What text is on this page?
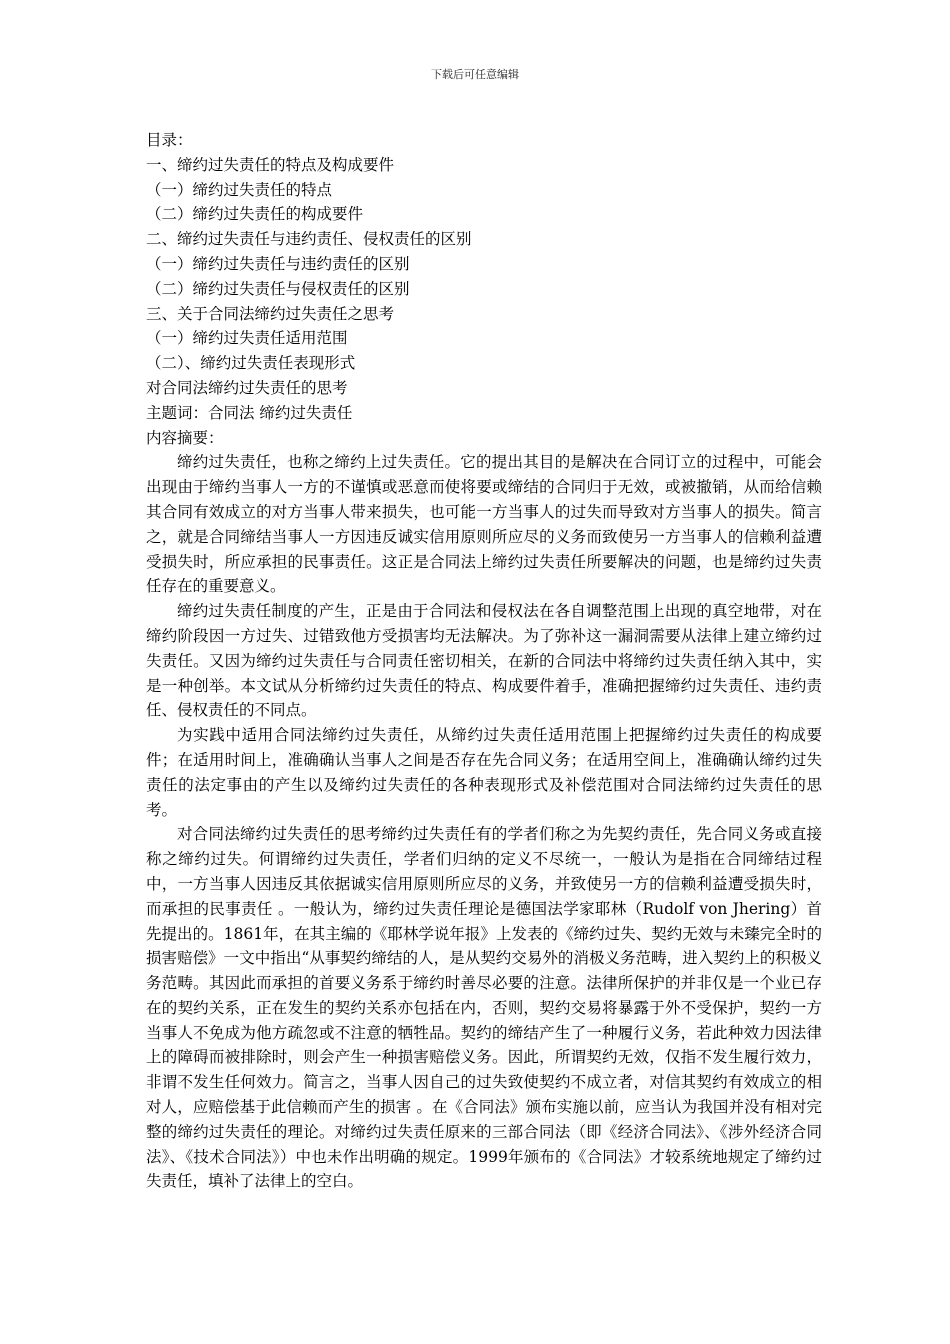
下载后可任意编辑
目录：
一、缔约过失责任的特点及构成要件
（一）缔约过失责任的特点
（二）缔约过失责任的构成要件
二、缔约过失责任与违约责任、侵权责任的区别
（一）缔约过失责任与违约责任的区别
（二）缔约过失责任与侵权责任的区别
三、关于合同法缔约过失责任之思考
（一）缔约过失责任适用范围
（二）、缔约过失责任表现形式
对合同法缔约过失责任的思考
主题词：合同法 缔约过失责任
内容摘要：

缔约过失责任，也称之缔约上过失责任。它的提出其目的是解决在合同订立的过程中，可能会出现由于缔约当事人一方的不谨慎或恶意而使将要或缔结的合同归于无效，或被撤销，从而给信赖其合同有效成立的对方当事人带来损失，也可能一方当事人的过失而导致对方当事人的损失。简言之，就是合同缔结当事人一方因违反诚实信用原则所应尽的义务而致使另一方当事人的信赖利益遭受损失时，所应承担的民事责任。这正是合同法上缔约过失责任所要解决的问题，也是缔约过失责任存在的重要意义。

缔约过失责任制度的产生，正是由于合同法和侵权法在各自调整范围上出现的真空地带，对在缔约阶段因一方过失、过错致他方受损害均无法解决。为了弥补这一漏洞需要从法律上建立缔约过失责任。又因为缔约过失责任与合同责任密切相关，在新的合同法中将缔约过失责任纳入其中，实是一种创举。本文试从分析缔约过失责任的特点、构成要件着手，准确把握缔约过失责任、违约责任、侵权责任的不同点。

为实践中适用合同法缔约过失责任，从缔约过失责任适用范围上把握缔约过失责任的构成要件；在适用时间上，准确确认当事人之间是否存在先合同义务；在适用空间上，准确确认缔约过失责任的法定事由的产生以及缔约过失责任的各种表现形式及补偿范围对合同法缔约过失责任的思考。

对合同法缔约过失责任的思考缔约过失责任有的学者们称之为先契约责任，先合同义务或直接称之缔约过失。何谓缔约过失责任，学者们归纳的定义不尽统一，一般认为是指在合同缔结过程中，一方当事人因违反其依据诚实信用原则所应尽的义务，并致使另一方的信赖利益遭受损失时，而承担的民事责任 。一般认为，缔约过失责任理论是德国法学家耶林（Rudolf von Jhering）首先提出的。1861年，在其主编的《耶林学说年报》上发表的《缔约过失、契约无效与未臻完全时的损害赔偿》一文中指出“从事契约缔结的人，是从契约交易外的消极义务范畴，进入契约上的积极义务范畴。其因此而承担的首要义务系于缔约时善尽必要的注意。法律所保护的并非仅是一个业已存在的契约关系，正在发生的契约关系亦包括在内，否则，契约交易将暴露于外不受保护，契约一方当事人不免成为他方疏忽或不注意的牺牲品。契约的缔结产生了一种履行义务，若此种效力因法律上的障碍而被排除时，则会产生一种损害赔偿义务。因此，所谓契约无效，仅指不发生履行效力，非谓不发生任何效力。简言之，当事人因自己的过失致使契约不成立者，对信其契约有效成立的相对人，应赔偿基于此信赖而产生的损害 。在《合同法》颁布实施以前，应当认为我国并没有相对完整的缔约过失责任的理论。对缔约过失责任原来的三部合同法（即《经济合同法》、《涉外经济合同法》、《技术合同法》）中也未作出明确的规定。1999年颁布的《合同法》才较系统地规定了缔约过失责任，填补了法律上的空白。
